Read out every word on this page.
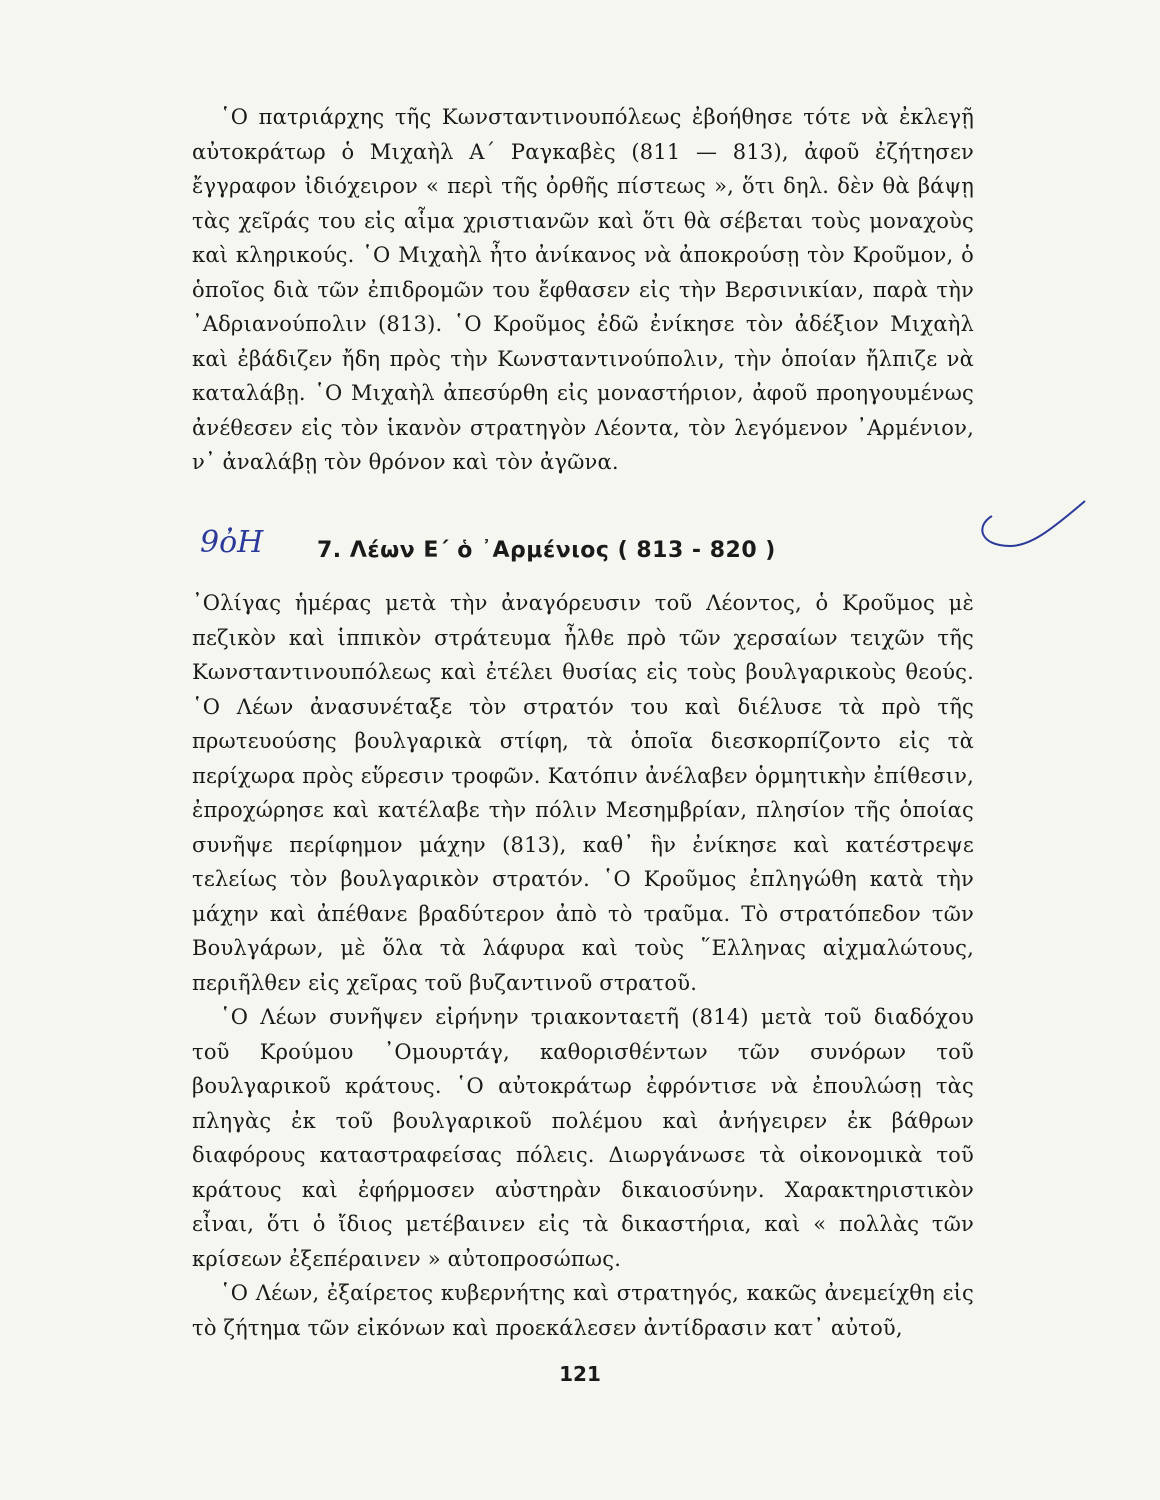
῾Ο πατριάρχης τῆς Κωνσταντινουπόλεως ἐβοήθησε τότε νὰ ἐκλεγῇ αὐτοκράτωρ ὁ Μιχαὴλ Α΄ Ραγκαβὲς (811 — 813), ἀφοῦ ἐζήτησεν ἔγγραφον ἰδιόχειρον « περὶ τῆς ὀρθῆς πίστεως », ὅτι δηλ. δὲν θὰ βάψῃ τὰς χεῖράς του εἰς αἷμα χριστιανῶν καὶ ὅτι θὰ σέβεται τοὺς μοναχοὺς καὶ κληρικούς. ῾Ο Μιχαὴλ ἦτο ἀνίκανος νὰ ἀποκρούσῃ τὸν Κροῦμον, ὁ ὁποῖος διὰ τῶν ἐπιδρομῶν του ἔφθασεν εἰς τὴν Βερσινικίαν, παρὰ τὴν ᾿Αδριανούπολιν (813). ῾Ο Κροῦμος ἐδῶ ἐνίκησε τὸν ἀδέξιον Μιχαὴλ καὶ ἐβάδιζεν ἤδη πρὸς τὴν Κωνσταντινούπολιν, τὴν ὁποίαν ἤλπιζε νὰ καταλάβῃ. ῾Ο Μιχαὴλ ἀπεσύρθη εἰς μοναστήριον, ἀφοῦ προηγουμένως ἀνέθεσεν εἰς τὸν ἱκανὸν στρατηγὸν Λέοντα, τὸν λεγόμενον ᾿Αρμένιον, ν᾿ ἀναλάβῃ τὸν θρόνον καὶ τὸν ἀγῶνα.

9ὀΗ 7. Λέων Ε΄ ὁ ᾿Αρμένιος ( 813 - 820 )

᾿Ολίγας ἡμέρας μετὰ τὴν ἀναγόρευσιν τοῦ Λέοντος, ὁ Κροῦμος μὲ πεζικὸν καὶ ἱππικὸν στράτευμα ἦλθε πρὸ τῶν χερσαίων τειχῶν τῆς Κωνσταντινουπόλεως καὶ ἐτέλει θυσίας εἰς τοὺς βουλγαρικοὺς θεούς. ῾Ο Λέων ἀνασυνέταξε τὸν στρατόν του καὶ διέλυσε τὰ πρὸ τῆς πρωτευούσης βουλγαρικὰ στίφη, τὰ ὁποῖα διεσκορπίζοντο εἰς τὰ περίχωρα πρὸς εὕρεσιν τροφῶν. Κατόπιν ἀνέλαβεν ὁρμητικὴν ἐπίθεσιν, ἐπροχώρησε καὶ κατέλαβε τὴν πόλιν Μεσημβρίαν, πλησίον τῆς ὁποίας συνῆψε περίφημον μάχην (813), καθ᾿ ἣν ἐνίκησε καὶ κατέστρεψε τελείως τὸν βουλγαρικὸν στρατόν. ῾Ο Κροῦμος ἐπληγώθη κατὰ τὴν μάχην καὶ ἀπέθανε βραδύτερον ἀπὸ τὸ τραῦμα. Τὸ στρατόπεδον τῶν Βουλγάρων, μὲ ὅλα τὰ λάφυρα καὶ τοὺς ῞Ελληνας αἰχμαλώτους, περιῆλθεν εἰς χεῖρας τοῦ βυζαντινοῦ στρατοῦ.

῾Ο Λέων συνῆψεν εἰρήνην τριακονταετῆ (814) μετὰ τοῦ διαδόχου τοῦ Κρούμου ᾿Ομουρτάγ, καθορισθέντων τῶν συνόρων τοῦ βουλγαρικοῦ κράτους. ῾Ο αὐτοκράτωρ ἐφρόντισε νὰ ἐπουλώσῃ τὰς πληγὰς ἐκ τοῦ βουλγαρικοῦ πολέμου καὶ ἀνήγειρεν ἐκ βάθρων διαφόρους καταστραφείσας πόλεις. Διωργάνωσε τὰ οἰκονομικὰ τοῦ κράτους καὶ ἐφήρμοσεν αὐστηρὰν δικαιοσύνην. Χαρακτηριστικὸν εἶναι, ὅτι ὁ ἴδιος μετέβαινεν εἰς τὰ δικαστήρια, καὶ « πολλὰς τῶν κρίσεων ἐξεπέραινεν » αὐτοπροσώπως.

῾Ο Λέων, ἐξαίρετος κυβερνήτης καὶ στρατηγός, κακῶς ἀνεμείχθη εἰς τὸ ζήτημα τῶν εἰκόνων καὶ προεκάλεσεν ἀντίδρασιν κατ᾿ αὐτοῦ,

121
